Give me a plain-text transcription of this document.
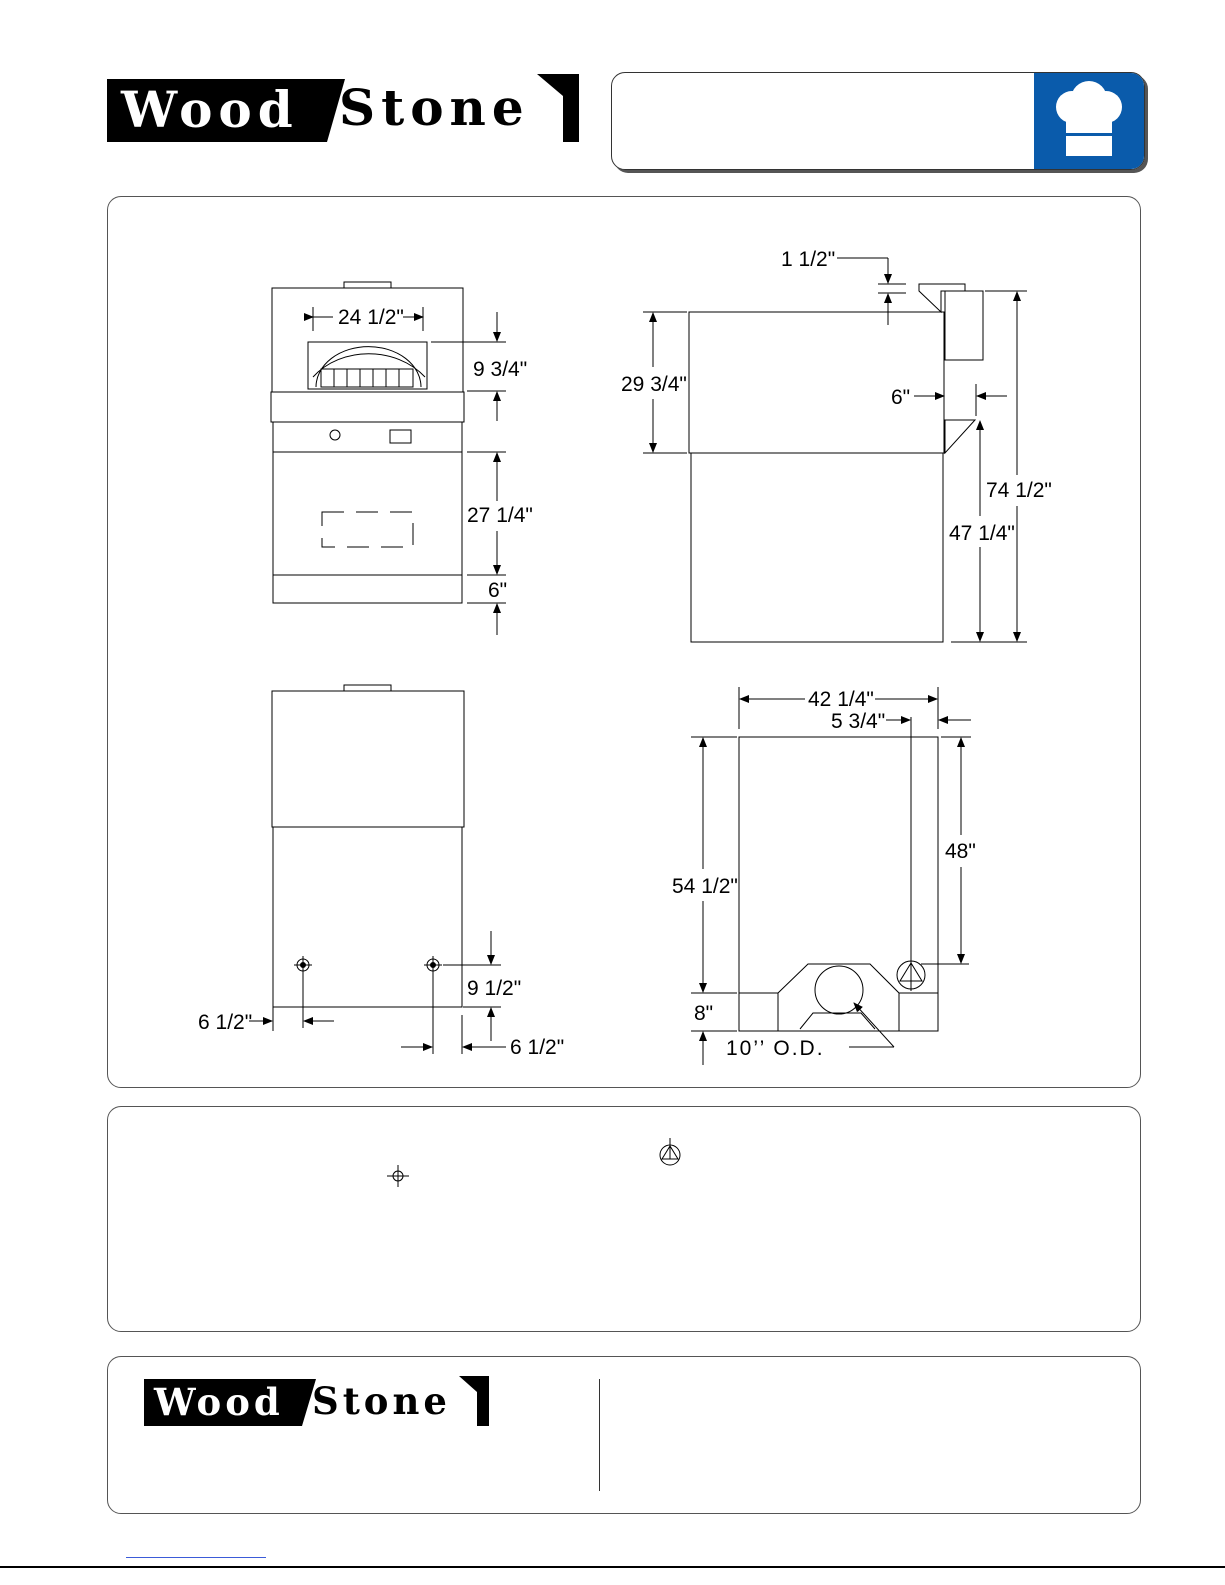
Wood Stone
24 1/2"
9 3/4"
27 1/4"
6"
1 1/2"
29 3/4"
6"
74 1/2"
47 1/4"
6 1/2"
9 1/2"
6 1/2"
42 1/4"
5 3/4"
54 1/2"
48"
8"
10’’ O.D.
Wood Stone
